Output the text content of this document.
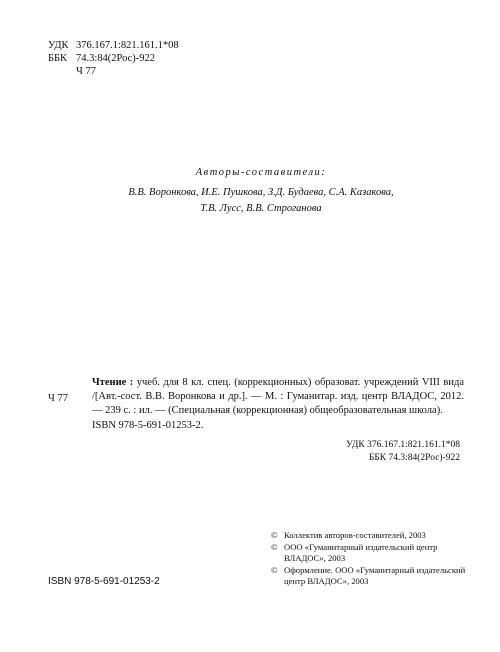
УДК 376.167.1:821.161.1*08
ББК 74.3:84(2Рос)-922
Ч 77
Авторы-составители:
В.В. Воронкова, И.Е. Пушкова, З.Д. Будаева, С.А. Казакова,
Т.В. Лусс, В.В. Строганова
Ч 77
Чтение : учеб. для 8 кл. спец. (коррекционных) образоват. учреждений VIII вида /[Авт.-сост. В.В. Воронкова и др.]. — М. : Гуманитар. изд. центр ВЛАДОС, 2012. — 239 с. : ил. — (Специальная (коррекционная) общеобразовательная школа).
ISBN 978-5-691-01253-2.
УДК 376.167.1:821.161.1*08
ББК 74.3:84(2Рос)-922
© Коллектив авторов-составителей, 2003
© ООО «Гуманитарный издательский центр ВЛАДОС», 2003
© Оформление. ООО «Гуманитарный издательский центр ВЛАДОС», 2003
ISBN 978-5-691-01253-2
